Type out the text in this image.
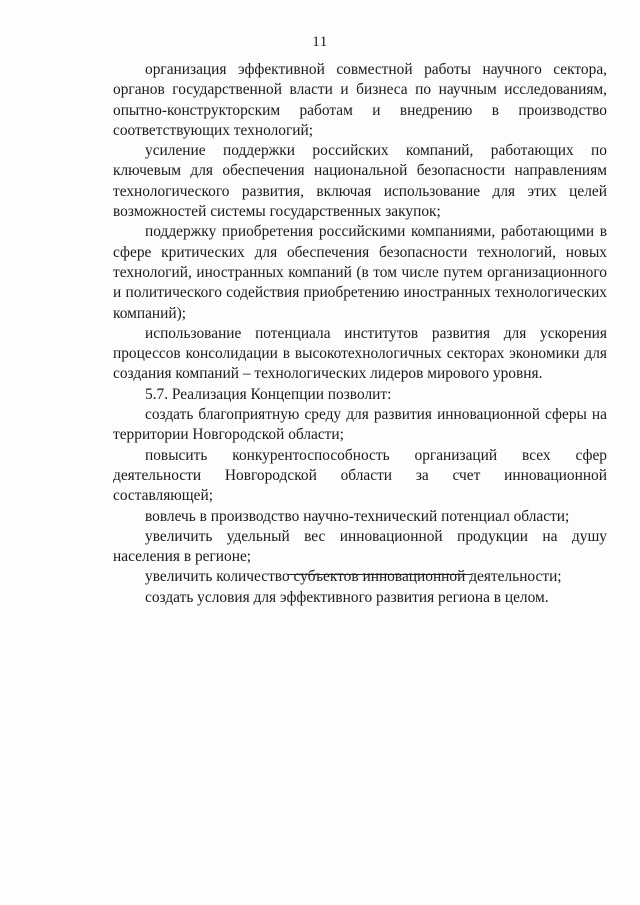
11

организация эффективной совместной работы научного сектора, органов государственной власти и бизнеса по научным исследованиям, опытно-конструкторским работам и внедрению в производство соответствующих технологий;

усиление поддержки российских компаний, работающих по ключевым для обеспечения национальной безопасности направлениям технологического развития, включая использование для этих целей возможностей системы государственных закупок;

поддержку приобретения российскими компаниями, работающими в сфере критических для обеспечения безопасности технологий, новых технологий, иностранных компаний (в том числе путем организационного и политического содействия приобретению иностранных технологических компаний);

использование потенциала институтов развития для ускорения процессов консолидации в высокотехнологичных секторах экономики для создания компаний – технологических лидеров мирового уровня.

5.7. Реализация Концепции позволит:

создать благоприятную среду для развития инновационной сферы на территории Новгородской области;

повысить конкурентоспособность организаций всех сфер деятельности Новгородской области за счет инновационной составляющей;

вовлечь в производство научно-технический потенциал области;

увеличить удельный вес инновационной продукции на душу населения в регионе;

увеличить количество субъектов инновационной деятельности;

создать условия для эффективного развития региона в целом.
